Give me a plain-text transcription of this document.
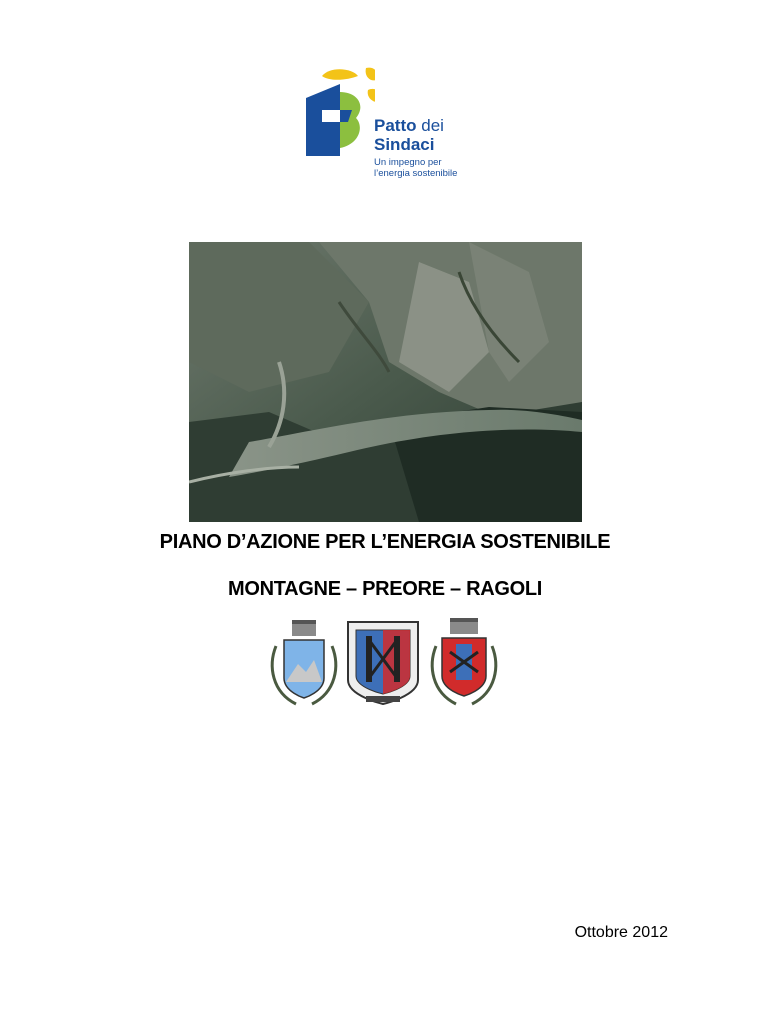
Patto dei
Sindaci
Un impegno per
l’energia sostenibile
PIANO D’AZIONE PER L’ENERGIA SOSTENIBILE
MONTAGNE – PREORE – RAGOLI
Ottobre 2012
